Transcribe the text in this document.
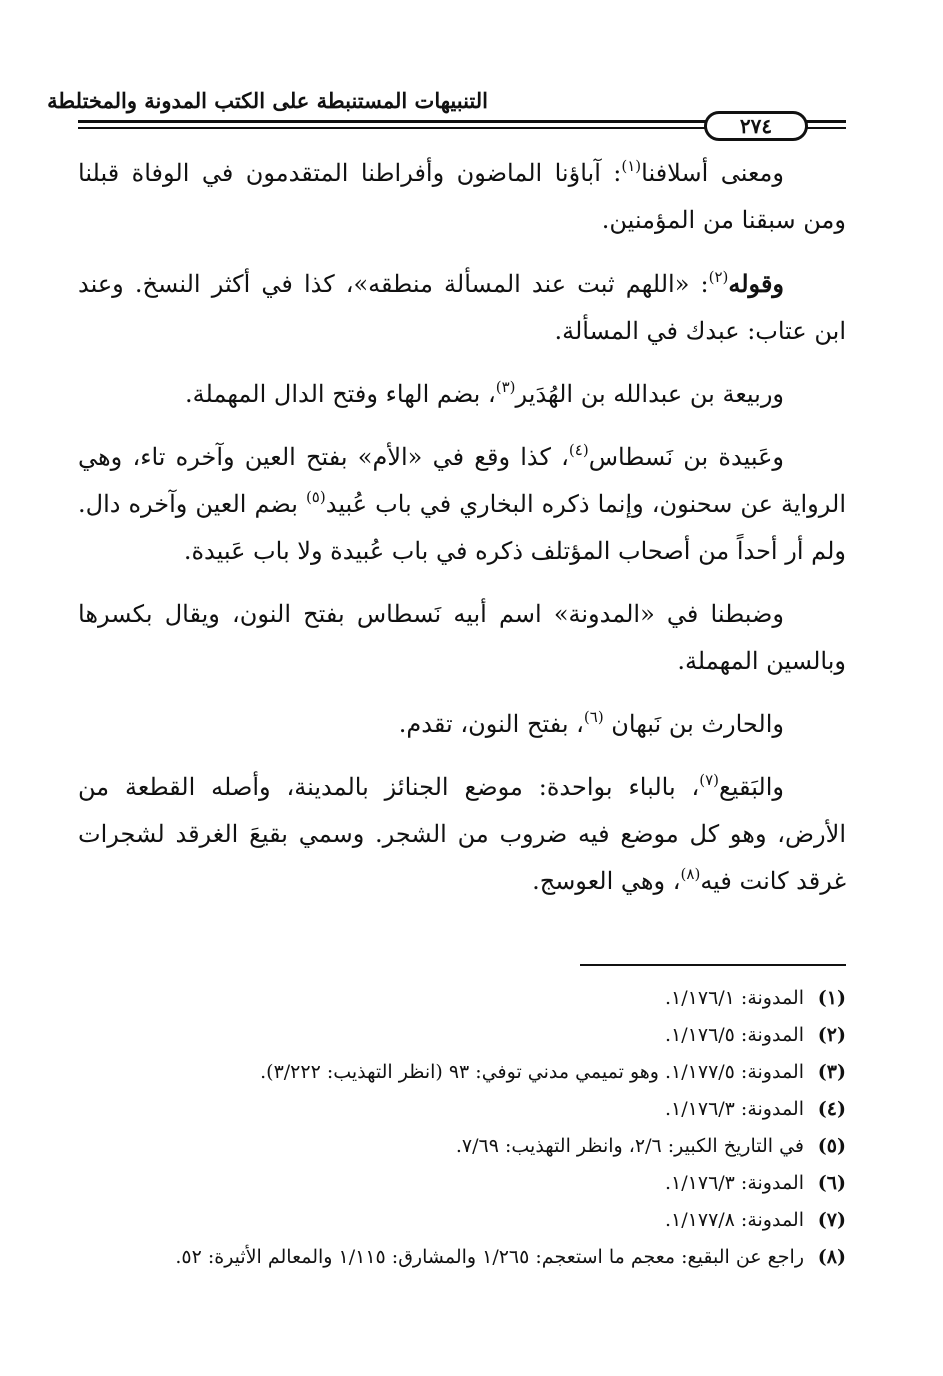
التنبيهات المستنبطة على الكتب المدونة والمختلطة
٢٧٤

ومعنى أسلافنا$^{(١)}$: آباؤنا الماضون وأفراطنا المتقدمون في الوفاة قبلنا ومن سبقنا من المؤمنين.

وقوله$^{(٢)}$: «اللهم ثبت عند المسألة منطقه»، كذا في أكثر النسخ. وعند ابن عتاب: عبدك في المسألة.

وربيعة بن عبدالله بن الهُدَير$^{(٣)}$، بضم الهاء وفتح الدال المهملة.

وعَبيدة بن نَسطاس$^{(٤)}$، كذا وقع في «الأم» بفتح العين وآخره تاء، وهي الرواية عن سحنون، وإنما ذكره البخاري في باب عُبيد$^{(٥)}$ بضم العين وآخره دال. ولم أر أحداً من أصحاب المؤتلف ذكره في باب عُبيدة ولا باب عَبيدة.

وضبطنا في «المدونة» اسم أبيه نَسطاس بفتح النون، ويقال بكسرها وبالسين المهملة.

والحارث بن نَبهان $^{(٦)}$، بفتح النون، تقدم.

والبَقيع$^{(٧)}$، بالباء بواحدة: موضع الجنائز بالمدينة، وأصله القطعة من الأرض، وهو كل موضع فيه ضروب من الشجر. وسمي بقيعَ الغرقد لشجرات غرقد كانت فيه$^{(٨)}$، وهي العوسج.

(١)
المدونة: ١/١٧٦/١.
(٢)
المدونة: ١/١٧٦/٥.
(٣)
المدونة: ١/١٧٧/٥. وهو تميمي مدني توفي: ٩٣ (انظر التهذيب: ٣/٢٢٢).
(٤)
المدونة: ١/١٧٦/٣.
(٥)
في التاريخ الكبير: ٢/٦، وانظر التهذيب: ٧/٦٩.
(٦)
المدونة: ١/١٧٦/٣.
(٧)
المدونة: ١/١٧٧/٨.
(٨)
راجع عن البقيع: معجم ما استعجم: ١/٢٦٥ والمشارق: ١/١١٥ والمعالم الأثيرة: ٥٢.
